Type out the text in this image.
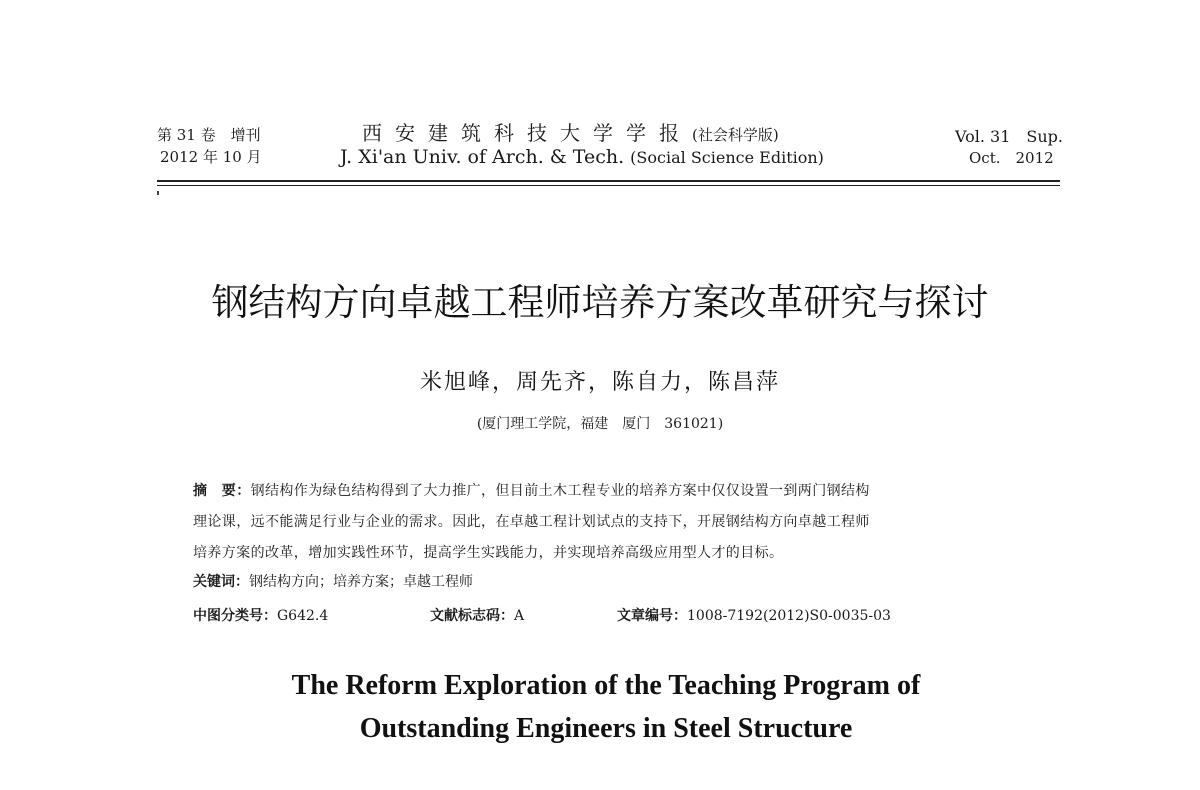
第 31 卷　增刊
2012 年 10 月
西安建筑科技大学学报(社会科学版)
J. Xi'an Univ. of Arch. & Tech. (Social Science Edition)
Vol. 31　Sup.
Oct.　2012
钢结构方向卓越工程师培养方案改革研究与探讨
米旭峰，周先齐，陈自力，陈昌萍
(厦门理工学院，福建　厦门　361021)
摘　要：钢结构作为绿色结构得到了大力推广，但目前土木工程专业的培养方案中仅仅设置一到两门钢结构
理论课，远不能满足行业与企业的需求。因此，在卓越工程计划试点的支持下，开展钢结构方向卓越工程师
培养方案的改革，增加实践性环节，提高学生实践能力，并实现培养高级应用型人才的目标。
关键词：钢结构方向；培养方案；卓越工程师
中图分类号：G642.4	文献标志码：A	文章编号：1008-7192(2012)S0-0035-03
The Reform Exploration of the Teaching Program of
Outstanding Engineers in Steel Structure
